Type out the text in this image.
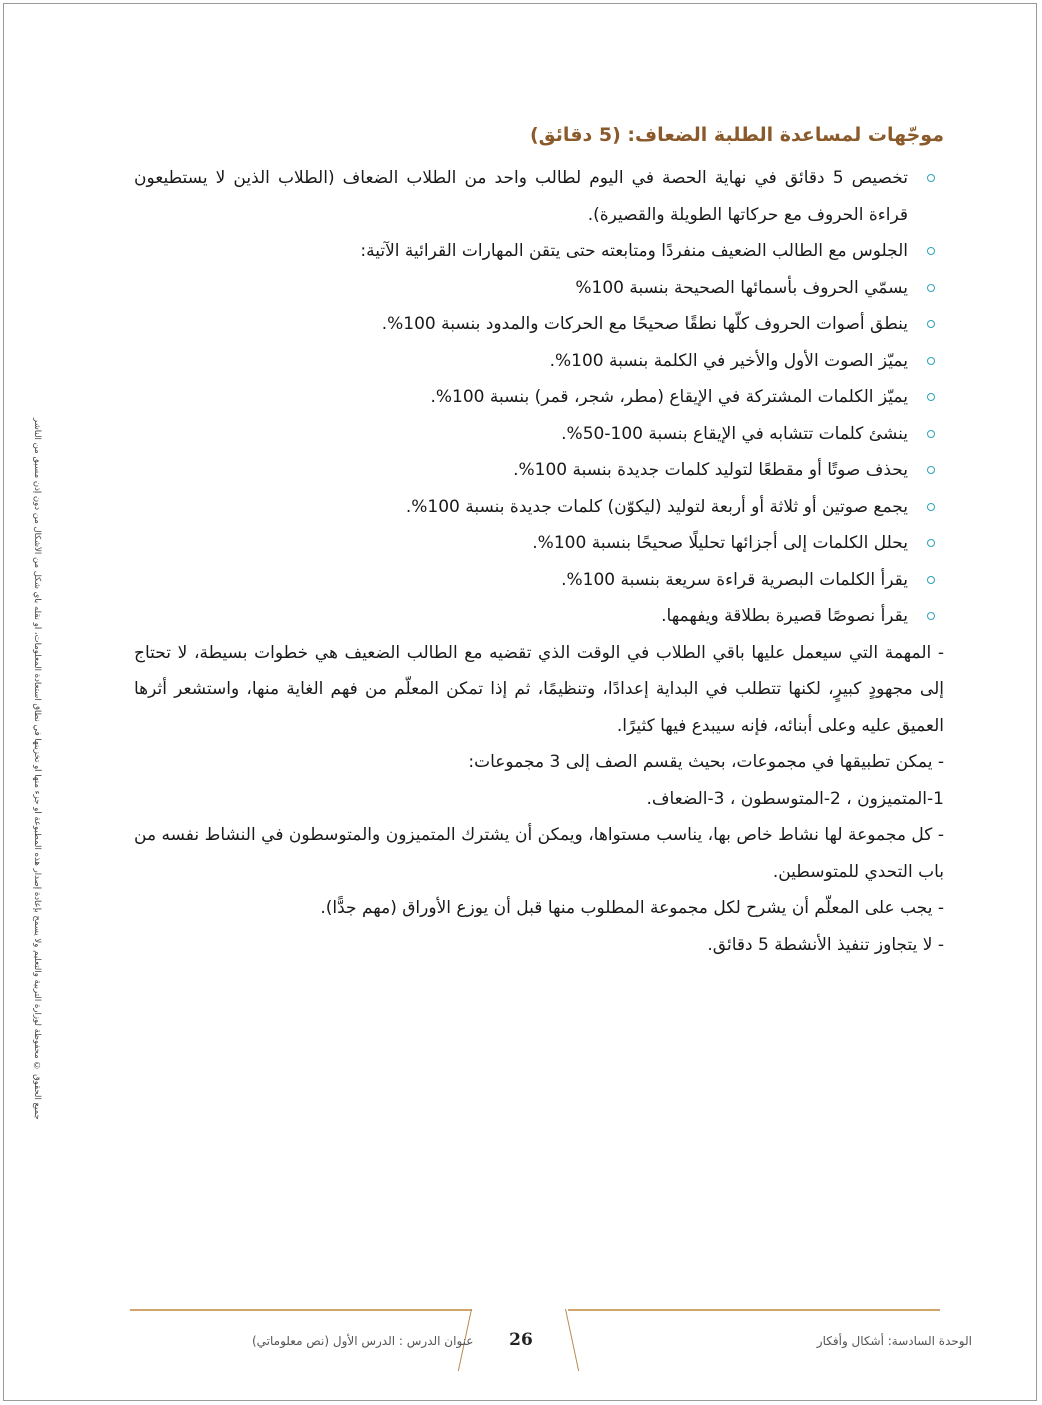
جميع الحقوق © محفوظة لوزارة التربية والتعليم ولا يسمح بإعادة إصدار هذه المطبوعة أو جزء منها أو تخزينها في نطاق استعادة المعلومات، أو نقله بأي شكل من الأشكال من دون إذن مسبق من الناشر
موجّهات لمساعدة الطلبة الضعاف: (5 دقائق)
تخصيص 5 دقائق في نهاية الحصة في اليوم لطالب واحد من الطلاب الضعاف (الطلاب الذين لا يستطيعون قراءة الحروف مع حركاتها الطويلة والقصيرة).
الجلوس مع الطالب الضعيف منفردًا ومتابعته حتى يتقن المهارات القرائية الآتية:
يسمّي الحروف بأسمائها الصحيحة بنسبة 100%
ينطق أصوات الحروف كلّها نطقًا صحيحًا مع الحركات والمدود بنسبة 100%.
يميّز الصوت الأول والأخير في الكلمة بنسبة 100%.
يميّز الكلمات المشتركة في الإيقاع (مطر، شجر، قمر) بنسبة 100%.
ينشئ كلمات تتشابه في الإيقاع بنسبة 100-50%.
يحذف صوتًا أو مقطعًا لتوليد كلمات جديدة بنسبة 100%.
يجمع صوتين أو ثلاثة أو أربعة لتوليد (ليكوّن) كلمات جديدة بنسبة 100%.
يحلل الكلمات إلى أجزائها تحليلًا صحيحًا بنسبة 100%.
يقرأ الكلمات البصرية قراءة سريعة بنسبة 100%.
يقرأ نصوصًا قصيرة بطلاقة ويفهمها.

- المهمة التي سيعمل عليها باقي الطلاب في الوقت الذي تقضيه مع الطالب الضعيف هي خطوات بسيطة، لا تحتاج إلى مجهودٍ كبيرٍ، لكنها تتطلب في البداية إعدادًا، وتنظيمًا، ثم إذا تمكن المعلّم من فهم الغاية منها، واستشعر أثرها العميق عليه وعلى أبنائه، فإنه سيبدع فيها كثيرًا.

- يمكن تطبيقها في مجموعات، بحيث يقسم الصف إلى 3 مجموعات:

1-المتميزون ، 2-المتوسطون ، 3-الضعاف.

- كل مجموعة لها نشاط خاص بها، يناسب مستواها، ويمكن أن يشترك المتميزون والمتوسطون في النشاط نفسه من باب التحدي للمتوسطين.

- يجب على المعلّم أن يشرح لكل مجموعة المطلوب منها قبل أن يوزع الأوراق (مهم جدًّا).

- لا يتجاوز تنفيذ الأنشطة 5 دقائق.

26	الوحدة السادسة: أشكال وأفكار
عنوان الدرس : الدرس الأول (نص معلوماتي)
